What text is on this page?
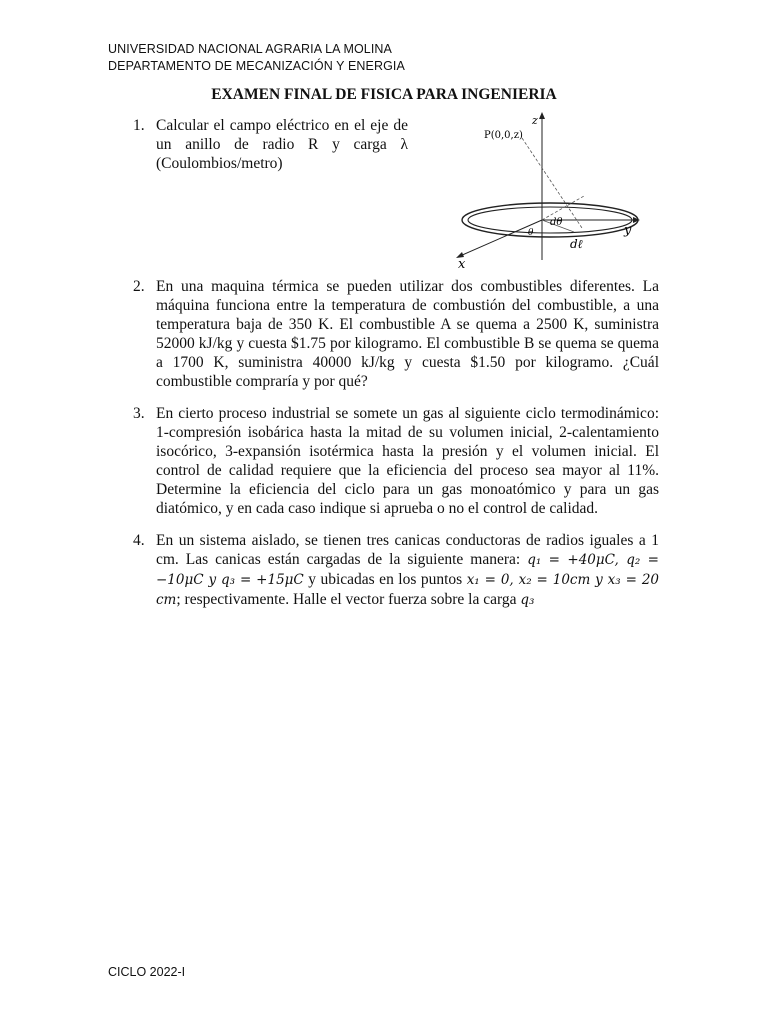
UNIVERSIDAD NACIONAL AGRARIA LA MOLINA
DEPARTAMENTO DE MECANIZACIÓN Y ENERGIA
EXAMEN FINAL DE FISICA PARA INGENIERIA
1. Calcular el campo eléctrico en el eje de un anillo de radio R y carga λ (Coulombios/metro)
z
P(0,0,z)
y
x
dθ
θ
dℓ
2. En una maquina térmica se pueden utilizar dos combustibles diferentes. La máquina funciona entre la temperatura de combustión del combustible, a una temperatura baja de 350 K. El combustible A se quema a 2500 K, suministra 52000 kJ/kg y cuesta $1.75 por kilogramo. El combustible B se quema se quema a 1700 K, suministra 40000 kJ/kg y cuesta $1.50 por kilogramo. ¿Cuál combustible compraría y por qué?
3. En cierto proceso industrial se somete un gas al siguiente ciclo termodinámico: 1-compresión isobárica hasta la mitad de su volumen inicial, 2-calentamiento isocórico, 3-expansión isotérmica hasta la presión y el volumen inicial. El control de calidad requiere que la eficiencia del proceso sea mayor al 11%. Determine la eficiencia del ciclo para un gas monoatómico y para un gas diatómico, y en cada caso indique si aprueba o no el control de calidad.
4. En un sistema aislado, se tienen tres canicas conductoras de radios iguales a 1 cm. Las canicas están cargadas de la siguiente manera: q₁ = +40μC, q₂ = −10μC y q₃ = +15μC y ubicadas en los puntos x₁ = 0, x₂ = 10cm y x₃ = 20 cm; respectivamente. Halle el vector fuerza sobre la carga q₃
CICLO 2022-I
